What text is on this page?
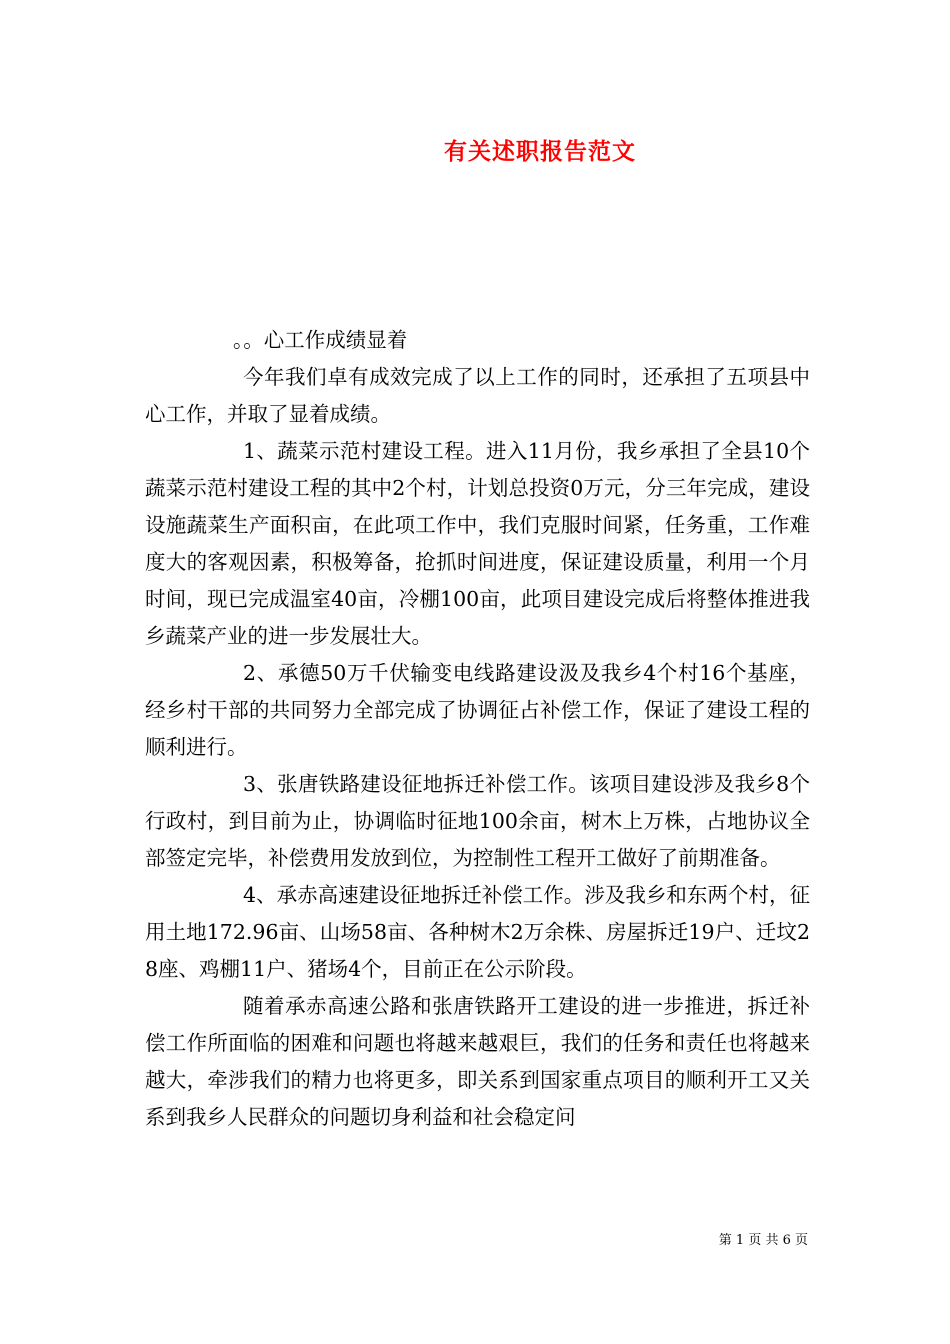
有关述职报告范文

。。心工作成绩显着

今年我们卓有成效完成了以上工作的同时，还承担了五项县中心工作，并取了显着成绩。

1、蔬菜示范村建设工程。进入11月份，我乡承担了全县10个蔬菜示范村建设工程的其中2个村，计划总投资0万元，分三年完成，建设设施蔬菜生产面积亩，在此项工作中，我们克服时间紧，任务重，工作难度大的客观因素，积极筹备，抢抓时间进度，保证建设质量，利用一个月时间，现已完成温室40亩，冷棚100亩，此项目建设完成后将整体推进我乡蔬菜产业的进一步发展壮大。

2、承德50万千伏输变电线路建设汲及我乡4个村16个基座，经乡村干部的共同努力全部完成了协调征占补偿工作，保证了建设工程的顺利进行。

3、张唐铁路建设征地拆迁补偿工作。该项目建设涉及我乡8个行政村，到目前为止，协调临时征地100余亩，树木上万株，占地协议全部签定完毕，补偿费用发放到位，为控制性工程开工做好了前期准备。

4、承赤高速建设征地拆迁补偿工作。涉及我乡和东两个村，征用土地172.96亩、山场58亩、各种树木2万余株、房屋拆迁19户、迁坟28座、鸡棚11户、猪场4个，目前正在公示阶段。

随着承赤高速公路和张唐铁路开工建设的进一步推进，拆迁补偿工作所面临的困难和问题也将越来越艰巨，我们的任务和责任也将越来越大，牵涉我们的精力也将更多，即关系到国家重点项目的顺利开工又关系到我乡人民群众的问题切身利益和社会稳定问

第 1 页 共 6 页
